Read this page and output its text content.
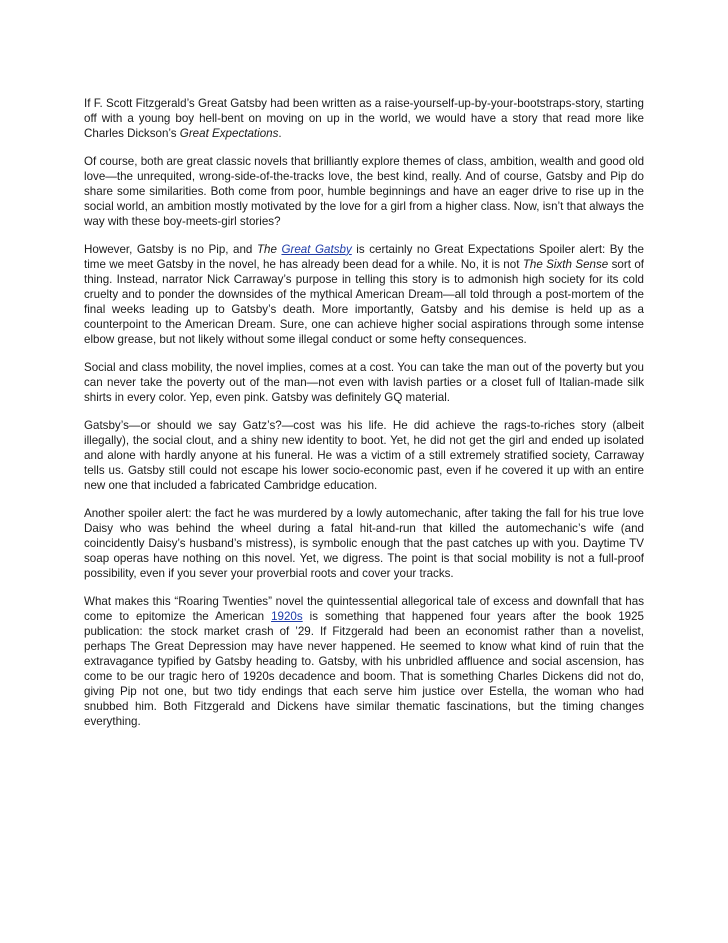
If F. Scott Fitzgerald’s Great Gatsby had been written as a raise-yourself-up-by-your-bootstraps-story, starting off with a young boy hell-bent on moving on up in the world, we would have a story that read more like Charles Dickson’s Great Expectations.

Of course, both are great classic novels that brilliantly explore themes of class, ambition, wealth and good old love—the unrequited, wrong-side-of-the-tracks love, the best kind, really. And of course, Gatsby and Pip do share some similarities. Both come from poor, humble beginnings and have an eager drive to rise up in the social world, an ambition mostly motivated by the love for a girl from a higher class. Now, isn’t that always the way with these boy-meets-girl stories?

However, Gatsby is no Pip, and The Great Gatsby is certainly no Great Expectations Spoiler alert: By the time we meet Gatsby in the novel, he has already been dead for a while. No, it is not The Sixth Sense sort of thing. Instead, narrator Nick Carraway’s purpose in telling this story is to admonish high society for its cold cruelty and to ponder the downsides of the mythical American Dream—all told through a post-mortem of the final weeks leading up to Gatsby’s death. More importantly, Gatsby and his demise is held up as a counterpoint to the American Dream. Sure, one can achieve higher social aspirations through some intense elbow grease, but not likely without some illegal conduct or some hefty consequences.

Social and class mobility, the novel implies, comes at a cost. You can take the man out of the poverty but you can never take the poverty out of the man—not even with lavish parties or a closet full of Italian-made silk shirts in every color. Yep, even pink. Gatsby was definitely GQ material.

Gatsby’s—or should we say Gatz’s?—cost was his life. He did achieve the rags-to-riches story (albeit illegally), the social clout, and a shiny new identity to boot. Yet, he did not get the girl and ended up isolated and alone with hardly anyone at his funeral. He was a victim of a still extremely stratified society, Carraway tells us. Gatsby still could not escape his lower socio-economic past, even if he covered it up with an entire new one that included a fabricated Cambridge education.

Another spoiler alert: the fact he was murdered by a lowly automechanic, after taking the fall for his true love Daisy who was behind the wheel during a fatal hit-and-run that killed the automechanic’s wife (and coincidently Daisy’s husband’s mistress), is symbolic enough that the past catches up with you. Daytime TV soap operas have nothing on this novel. Yet, we digress. The point is that social mobility is not a full-proof possibility, even if you sever your proverbial roots and cover your tracks.

What makes this “Roaring Twenties” novel the quintessential allegorical tale of excess and downfall that has come to epitomize the American 1920s is something that happened four years after the book 1925 publication: the stock market crash of ’29. If Fitzgerald had been an economist rather than a novelist, perhaps The Great Depression may have never happened. He seemed to know what kind of ruin that the extravagance typified by Gatsby heading to. Gatsby, with his unbridled affluence and social ascension, has come to be our tragic hero of 1920s decadence and boom. That is something Charles Dickens did not do, giving Pip not one, but two tidy endings that each serve him justice over Estella, the woman who had snubbed him. Both Fitzgerald and Dickens have similar thematic fascinations, but the timing changes everything.
